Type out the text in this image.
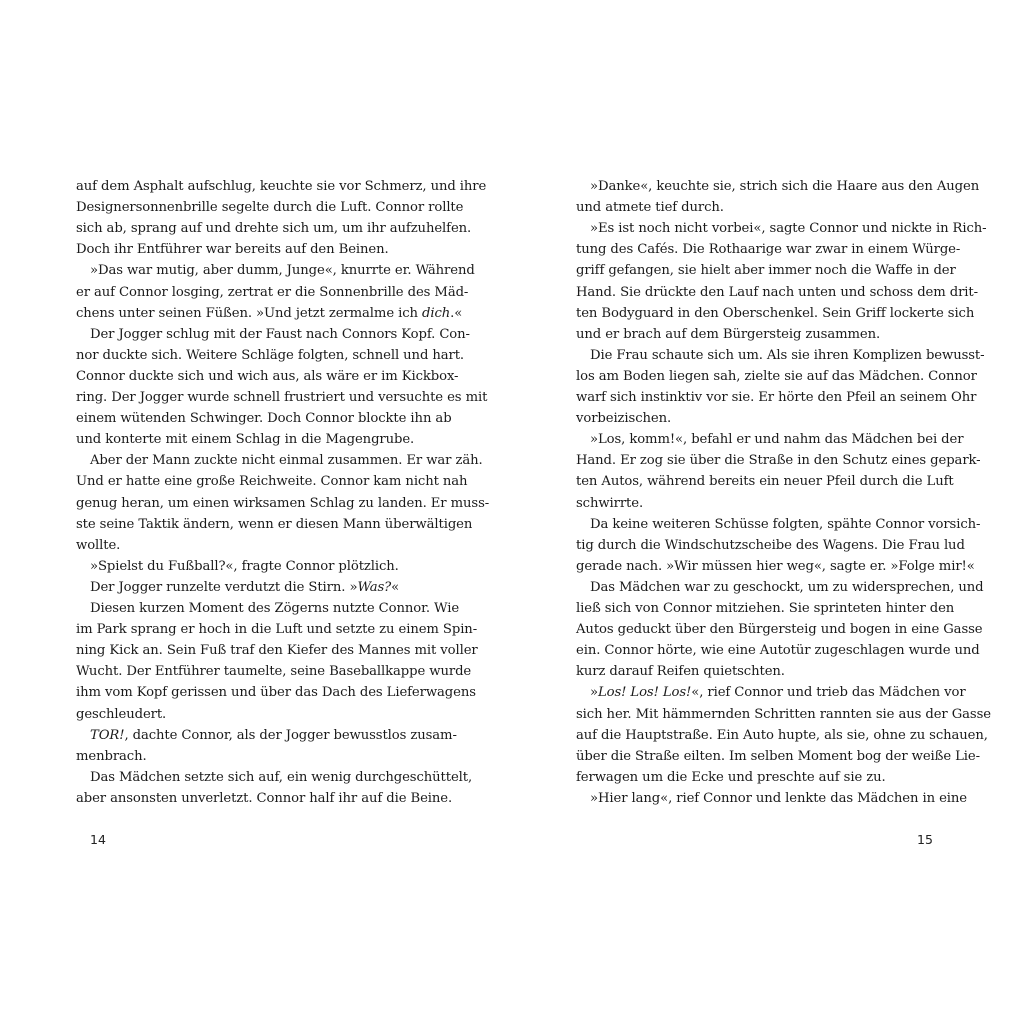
auf dem Asphalt aufschlug, keuchte sie vor Schmerz, und ihre
Designersonnenbrille segelte durch die Luft. Connor rollte
sich ab, sprang auf und drehte sich um, um ihr aufzuhelfen.
Doch ihr Entführer war bereits auf den Beinen.
»Das war mutig, aber dumm, Junge«, knurrte er. Während
er auf Connor losging, zertrat er die Sonnenbrille des Mäd-
chens unter seinen Füßen. »Und jetzt zermalme ich dich.«
Der Jogger schlug mit der Faust nach Connors Kopf. Con-
nor duckte sich. Weitere Schläge folgten, schnell und hart.
Connor duckte sich und wich aus, als wäre er im Kickbox-
ring. Der Jogger wurde schnell frustriert und versuchte es mit
einem wütenden Schwinger. Doch Connor blockte ihn ab
und konterte mit einem Schlag in die Magengrube.
Aber der Mann zuckte nicht einmal zusammen. Er war zäh.
Und er hatte eine große Reichweite. Connor kam nicht nah
genug heran, um einen wirksamen Schlag zu landen. Er muss-
ste seine Taktik ändern, wenn er diesen Mann überwältigen
wollte.
»Spielst du Fußball?«, fragte Connor plötzlich.
Der Jogger runzelte verdutzt die Stirn. »Was?«
Diesen kurzen Moment des Zögerns nutzte Connor. Wie
im Park sprang er hoch in die Luft und setzte zu einem Spin-
ning Kick an. Sein Fuß traf den Kiefer des Mannes mit voller
Wucht. Der Entführer taumelte, seine Baseballkappe wurde
ihm vom Kopf gerissen und über das Dach des Lieferwagens
geschleudert.
TOR!, dachte Connor, als der Jogger bewusstlos zusam-
menbrach.
Das Mädchen setzte sich auf, ein wenig durchgeschüttelt,
aber ansonsten unverletzt. Connor half ihr auf die Beine.
14
»Danke«, keuchte sie, strich sich die Haare aus den Augen
und atmete tief durch.
»Es ist noch nicht vorbei«, sagte Connor und nickte in Rich-
tung des Cafés. Die Rothaarige war zwar in einem Würge-
griff gefangen, sie hielt aber immer noch die Waffe in der
Hand. Sie drückte den Lauf nach unten und schoss dem drit-
ten Bodyguard in den Oberschenkel. Sein Griff lockerte sich
und er brach auf dem Bürgersteig zusammen.
Die Frau schaute sich um. Als sie ihren Komplizen bewusst-
los am Boden liegen sah, zielte sie auf das Mädchen. Connor
warf sich instinktiv vor sie. Er hörte den Pfeil an seinem Ohr
vorbeizischen.
»Los, komm!«, befahl er und nahm das Mädchen bei der
Hand. Er zog sie über die Straße in den Schutz eines gepark-
ten Autos, während bereits ein neuer Pfeil durch die Luft
schwirrte.
Da keine weiteren Schüsse folgten, spähte Connor vorsich-
tig durch die Windschutzscheibe des Wagens. Die Frau lud
gerade nach. »Wir müssen hier weg«, sagte er. »Folge mir!«
Das Mädchen war zu geschockt, um zu widersprechen, und
ließ sich von Connor mitziehen. Sie sprinteten hinter den
Autos geduckt über den Bürgersteig und bogen in eine Gasse
ein. Connor hörte, wie eine Autotür zugeschlagen wurde und
kurz darauf Reifen quietschten.
»Los! Los! Los!«, rief Connor und trieb das Mädchen vor
sich her. Mit hämmernden Schritten rannten sie aus der Gasse
auf die Hauptstraße. Ein Auto hupte, als sie, ohne zu schauen,
über die Straße eilten. Im selben Moment bog der weiße Lie-
ferwagen um die Ecke und preschte auf sie zu.
»Hier lang«, rief Connor und lenkte das Mädchen in eine
15
